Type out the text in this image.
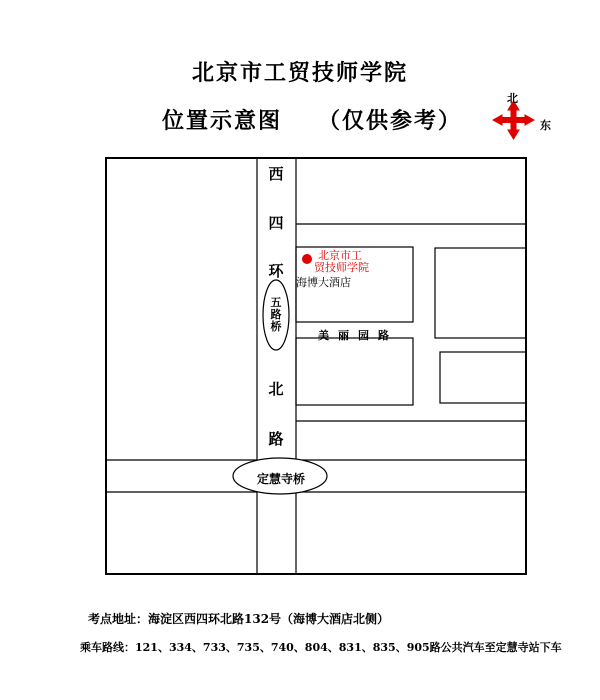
北京市工贸技师学院
位置示意图 （仅供参考）
北
东
西
四
环
北
路
北京市工
贸技师学院
海博大酒店
美丽园路
五
路
桥
定慧寺桥
考点地址：海淀区西四环北路132号（海博大酒店北侧）
乘车路线：121、334、733、735、740、804、831、835、905路公共汽车至定慧寺站下车
